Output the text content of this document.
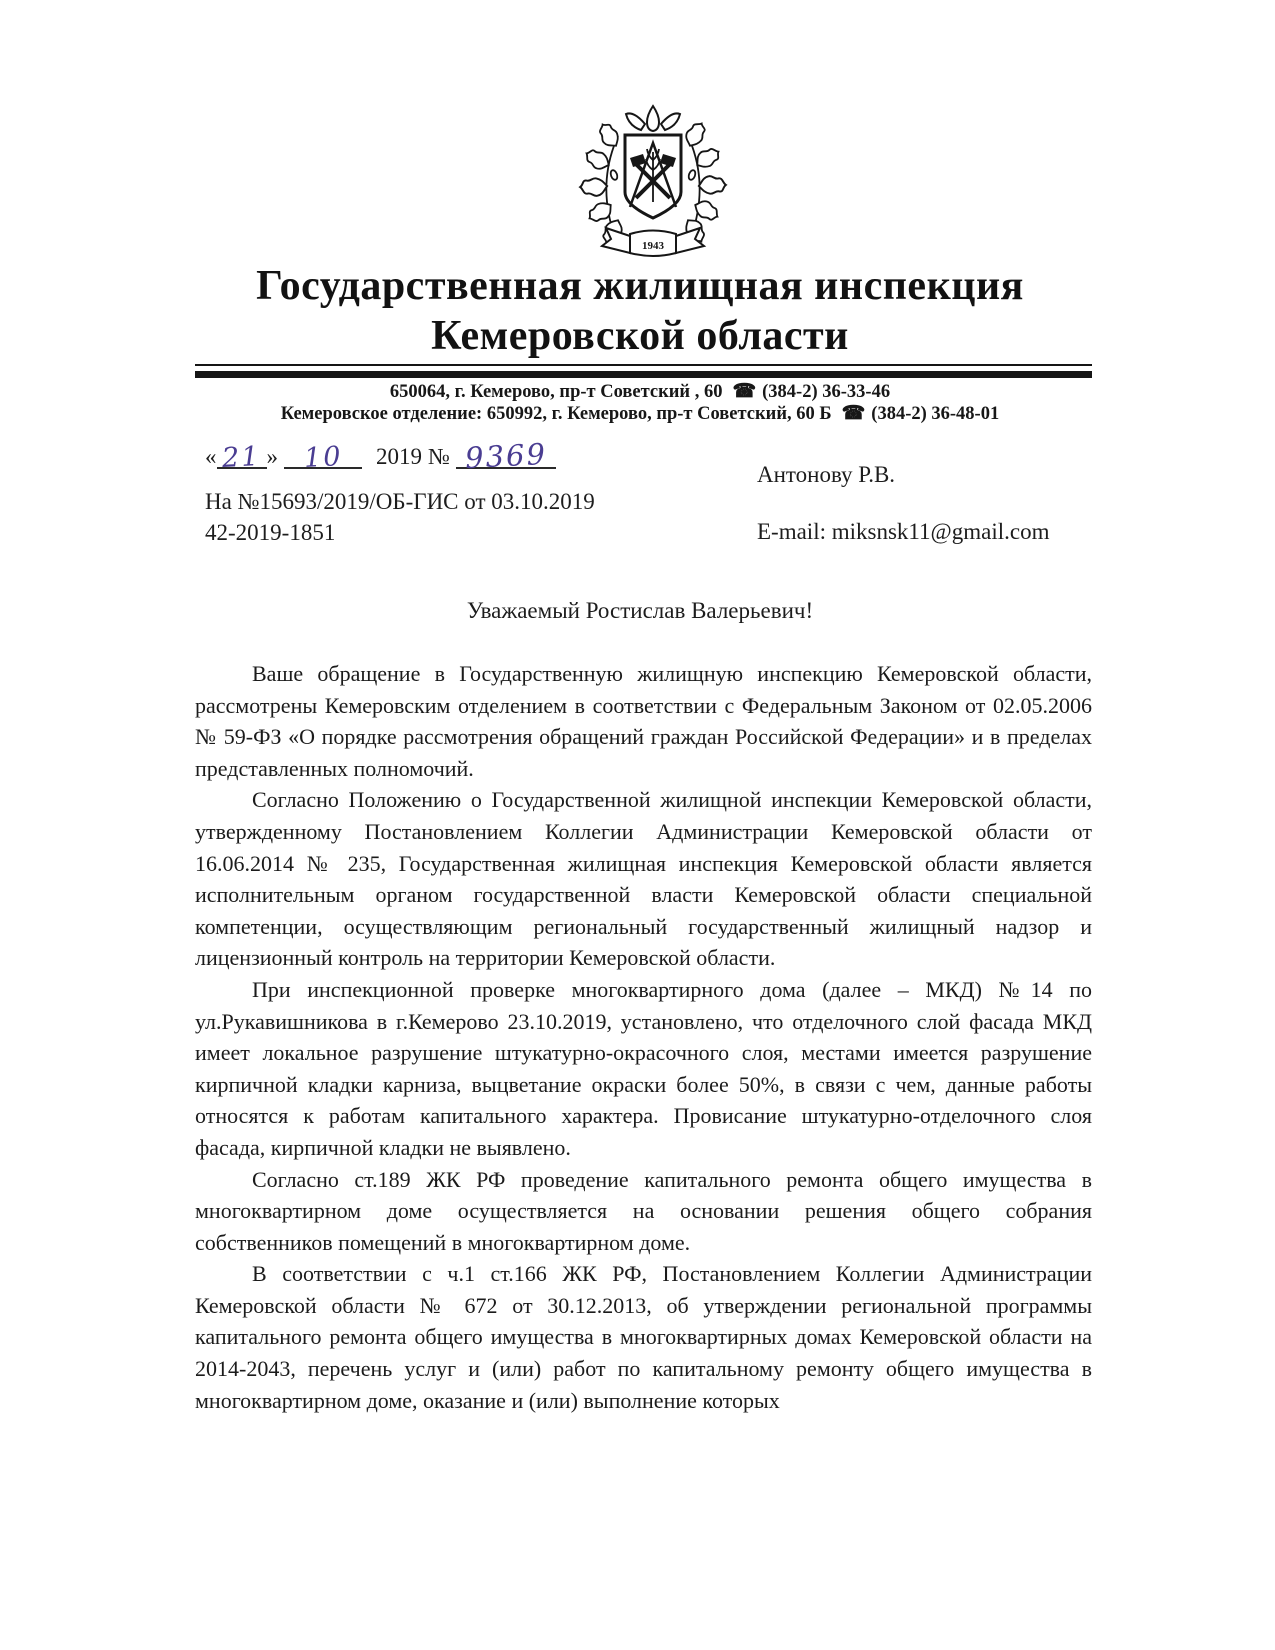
1943
Государственная жилищная инспекция
Кемеровской области
650064, г. Кемерово, пр-т Советский , 60 ☎ (384-2) 36-33-46
Кемеровское отделение: 650992, г. Кемерово, пр-т Советский, 60 Б ☎ (384-2) 36-48-01
« 21 » 10 2019 № 9369
На №15693/2019/ОБ-ГИС от 03.10.2019
42-2019-1851
Антонову Р.В.
E-mail: miksnsk11@gmail.com
Уважаемый Ростислав Валерьевич!

Ваше обращение в Государственную жилищную инспекцию Кемеровской области, рассмотрены Кемеровским отделением в соответствии с Федеральным Законом от 02.05.2006 № 59-ФЗ «О порядке рассмотрения обращений граждан Российской Федерации» и в пределах представленных полномочий.

Согласно Положению о Государственной жилищной инспекции Кемеровской области, утвержденному Постановлением Коллегии Администрации Кемеровской области от 16.06.2014 № 235, Государственная жилищная инспекция Кемеровской области является исполнительным органом государственной власти Кемеровской области специальной компетенции, осуществляющим региональный государственный жилищный надзор и лицензионный контроль на территории Кемеровской области.

При инспекционной проверке многоквартирного дома (далее – МКД) №14 по ул.Рукавишникова в г.Кемерово 23.10.2019, установлено, что отделочного слой фасада МКД имеет локальное разрушение штукатурно-окрасочного слоя, местами имеется разрушение кирпичной кладки карниза, выцветание окраски более 50%, в связи с чем, данные работы относятся к работам капитального характера. Провисание штукатурно-отделочного слоя фасада, кирпичной кладки не выявлено.

Согласно ст.189 ЖК РФ проведение капитального ремонта общего имущества в многоквартирном доме осуществляется на основании решения общего собрания собственников помещений в многоквартирном доме.

В соответствии с ч.1 ст.166 ЖК РФ, Постановлением Коллегии Администрации Кемеровской области № 672 от 30.12.2013, об утверждении региональной программы капитального ремонта общего имущества в многоквартирных домах Кемеровской области на 2014-2043, перечень услуг и (или) работ по капитальному ремонту общего имущества в многоквартирном доме, оказание и (или) выполнение которых
